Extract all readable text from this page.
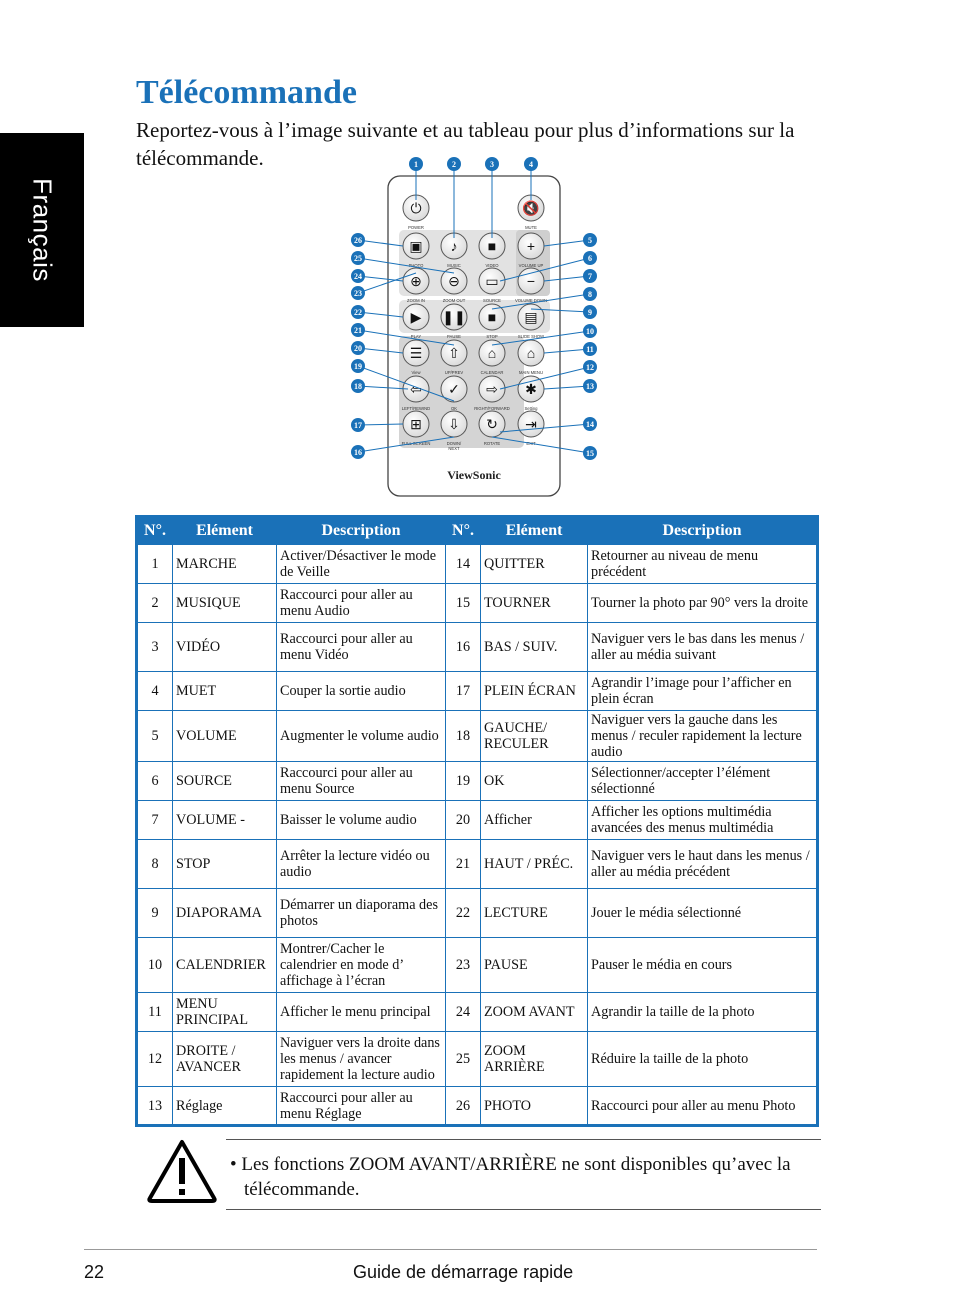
Français
Télécommande

Reportez-vous à l’image suivante et au tableau pour plus d’informations sur la télécommande.

⏻	🔇
▣ ♪ ■ +
⊕ ⊖ ▭ −
▶ ❚❚ ■ ▤
☰ ⇧ ⌂ ⌂
⇦ ✓ ⇨ ✱
⊞ ⇩ ↻ ⇥
POWER	MUTE
PHOTO	MUSIC	VIDEO	VOLUME UP
ZOOM IN	ZOOM OUT	SOURCE	VOLUME DOWN
PLAY	PAUSE	STOP	SLIDE SHOW
View	UP/PREV	CALENDAR	MAIN MENU
LEFT/REWIND	OK	RIGHT/FORWARD	Setting
FULL SCREEN	DOWN/
NEXT
ROTATE	EXIT
1	2	3	4
5
6
7
8
9
10
11
12
13
14
15
16
17
18
19
20
21
22
23
24
25
26
ViewSonic
N°.	Elément	Description	N°.	Elément	Description
1	MARCHE	Activer/Désactiver le mode de Veille	14	QUITTER	Retourner au niveau de menu précédent
2	MUSIQUE	Raccourci pour aller au menu Audio	15	TOURNER	Tourner la photo par 90° vers la droite
3	VIDÉO	Raccourci pour aller au menu Vidéo	16	BAS / SUIV.	Naviguer vers le bas dans les menus / aller au média suivant
4	MUET	Couper la sortie audio	17	PLEIN ÉCRAN	Agrandir l’image pour l’afficher en plein écran
5	VOLUME	Augmenter le volume audio	18	GAUCHE/ RECULER	Naviguer vers la gauche dans les menus / reculer rapidement la lecture audio
6	SOURCE	Raccourci pour aller au menu Source	19	OK	Sélectionner/accepter l’élément sélectionné
7	VOLUME -	Baisser le volume audio	20	Afficher	Afficher les options multimédia avancées des menus multimédia
8	STOP	Arrêter la lecture vidéo ou audio	21	HAUT / PRÉC.	Naviguer vers le haut dans les menus / aller au média précédent
9	DIAPORAMA	Démarrer un diaporama des photos	22	LECTURE	Jouer le média sélectionné
10	CALENDRIER	Montrer/Cacher le calendrier en mode d’ affichage à l’écran	23	PAUSE	Pauser le média en cours
11	MENU PRINCIPAL	Afficher le menu principal	24	ZOOM AVANT	Agrandir la taille de la photo
12	DROITE / AVANCER	Naviguer vers la droite dans les menus / avancer rapidement la lecture audio	25	ZOOM ARRIÈRE	Réduire la taille de la photo
13	Réglage	Raccourci pour aller au menu Réglage	26	PHOTO	Raccourci pour aller au menu Photo

• Les fonctions ZOOM AVANT/ARRIÈRE ne sont disponibles qu’avec la télécommande.

22	Guide de démarrage rapide
